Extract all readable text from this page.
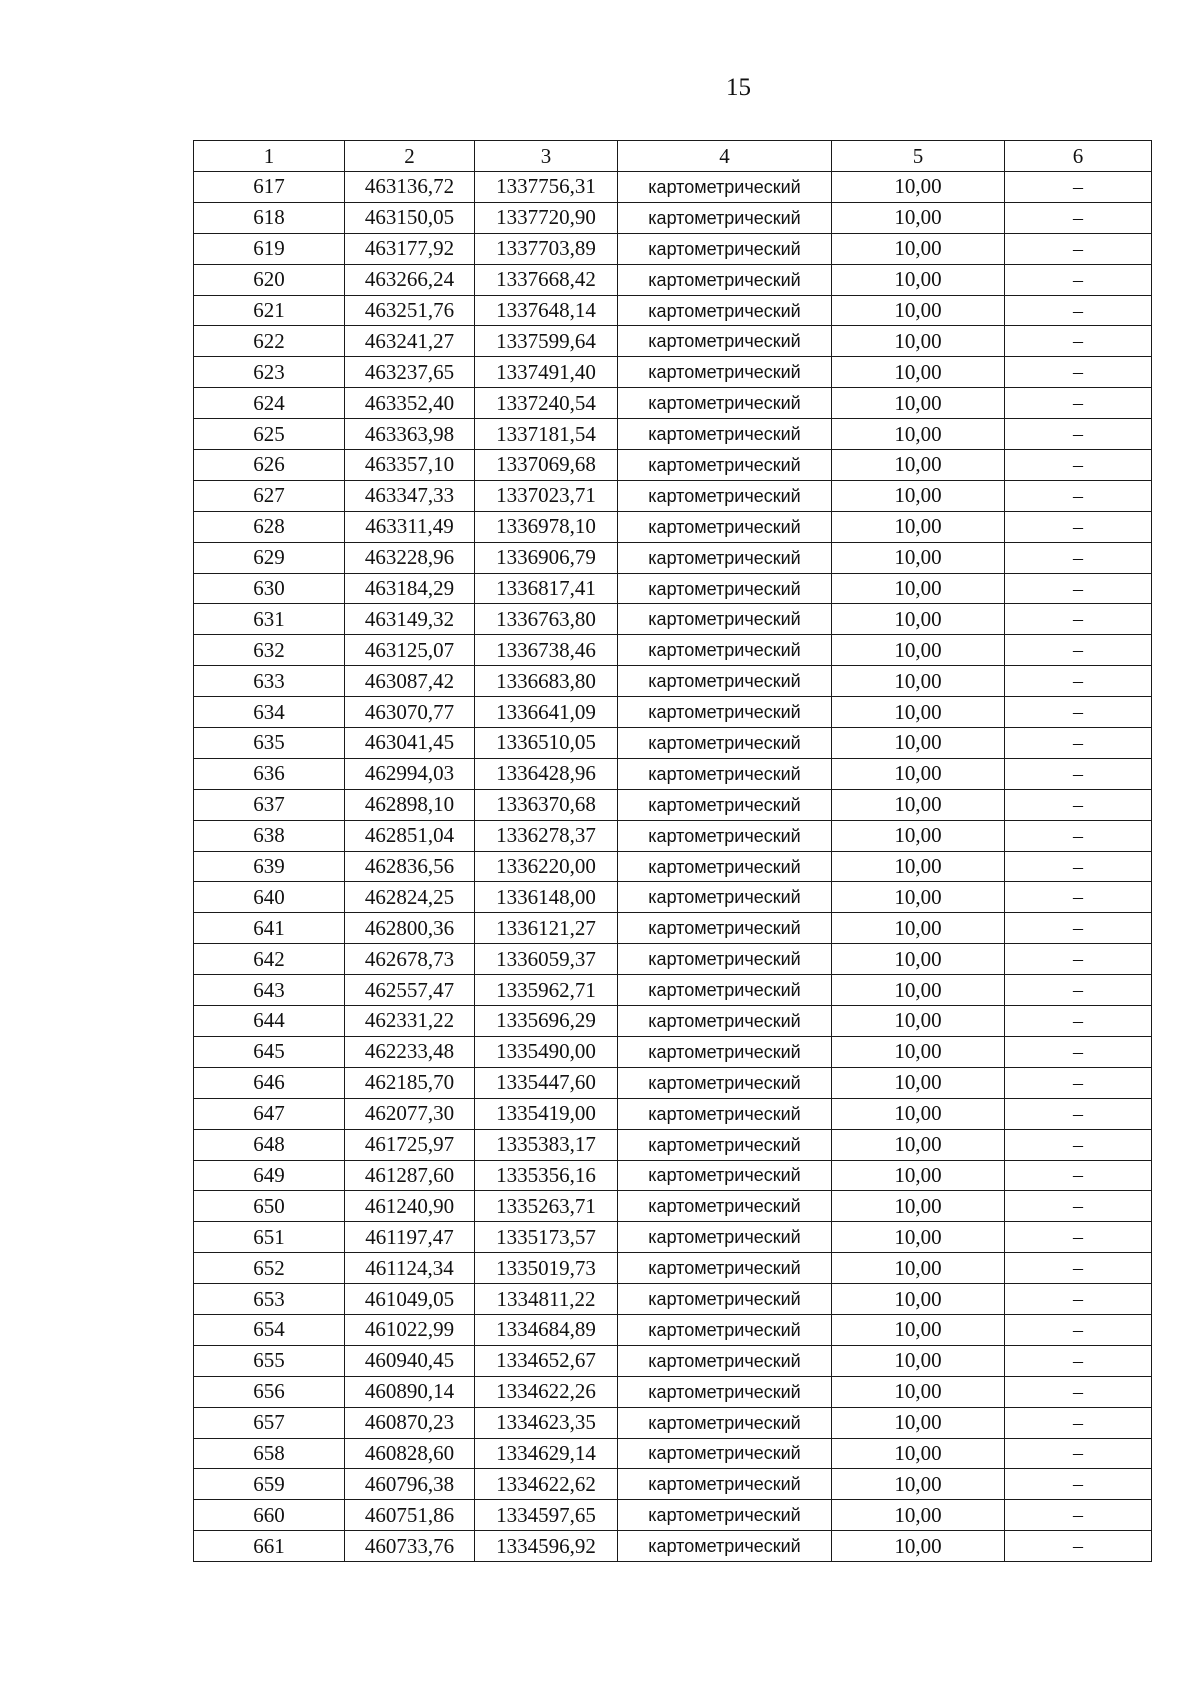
15
1	2	3	4	5	6
617	463136,72	1337756,31	картометрический	10,00	–
618	463150,05	1337720,90	картометрический	10,00	–
619	463177,92	1337703,89	картометрический	10,00	–
620	463266,24	1337668,42	картометрический	10,00	–
621	463251,76	1337648,14	картометрический	10,00	–
622	463241,27	1337599,64	картометрический	10,00	–
623	463237,65	1337491,40	картометрический	10,00	–
624	463352,40	1337240,54	картометрический	10,00	–
625	463363,98	1337181,54	картометрический	10,00	–
626	463357,10	1337069,68	картометрический	10,00	–
627	463347,33	1337023,71	картометрический	10,00	–
628	463311,49	1336978,10	картометрический	10,00	–
629	463228,96	1336906,79	картометрический	10,00	–
630	463184,29	1336817,41	картометрический	10,00	–
631	463149,32	1336763,80	картометрический	10,00	–
632	463125,07	1336738,46	картометрический	10,00	–
633	463087,42	1336683,80	картометрический	10,00	–
634	463070,77	1336641,09	картометрический	10,00	–
635	463041,45	1336510,05	картометрический	10,00	–
636	462994,03	1336428,96	картометрический	10,00	–
637	462898,10	1336370,68	картометрический	10,00	–
638	462851,04	1336278,37	картометрический	10,00	–
639	462836,56	1336220,00	картометрический	10,00	–
640	462824,25	1336148,00	картометрический	10,00	–
641	462800,36	1336121,27	картометрический	10,00	–
642	462678,73	1336059,37	картометрический	10,00	–
643	462557,47	1335962,71	картометрический	10,00	–
644	462331,22	1335696,29	картометрический	10,00	–
645	462233,48	1335490,00	картометрический	10,00	–
646	462185,70	1335447,60	картометрический	10,00	–
647	462077,30	1335419,00	картометрический	10,00	–
648	461725,97	1335383,17	картометрический	10,00	–
649	461287,60	1335356,16	картометрический	10,00	–
650	461240,90	1335263,71	картометрический	10,00	–
651	461197,47	1335173,57	картометрический	10,00	–
652	461124,34	1335019,73	картометрический	10,00	–
653	461049,05	1334811,22	картометрический	10,00	–
654	461022,99	1334684,89	картометрический	10,00	–
655	460940,45	1334652,67	картометрический	10,00	–
656	460890,14	1334622,26	картометрический	10,00	–
657	460870,23	1334623,35	картометрический	10,00	–
658	460828,60	1334629,14	картометрический	10,00	–
659	460796,38	1334622,62	картометрический	10,00	–
660	460751,86	1334597,65	картометрический	10,00	–
661	460733,76	1334596,92	картометрический	10,00	–
